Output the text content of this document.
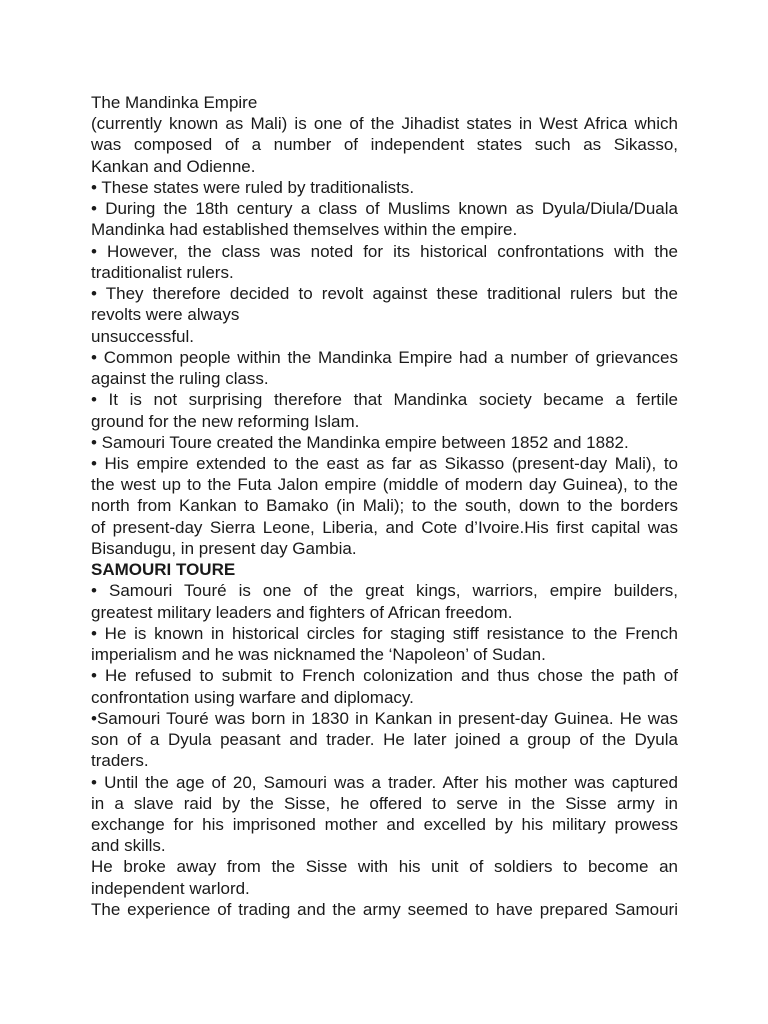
The Mandinka Empire

(currently known as Mali) is one of the Jihadist states in West Africa which
was composed of a number of independent states such as Sikasso,
Kankan and Odienne.

• These states were ruled by traditionalists.

• During the 18th century a class of Muslims known as Dyula/Diula/Duala
Mandinka had established themselves within the empire.

• However, the class was noted for its historical confrontations with the
traditionalist rulers.

• They therefore decided to revolt against these traditional rulers but the
revolts were always
unsuccessful.

• Common people within the Mandinka Empire had a number of grievances
against the ruling class.

• It is not surprising therefore that Mandinka society became a fertile
ground for the new reforming Islam.

• Samouri Toure created the Mandinka empire between 1852 and 1882.

• His empire extended to the east as far as Sikasso (present-day Mali), to
the west up to the Futa Jalon empire (middle of modern day Guinea), to the
north from Kankan to Bamako (in Mali); to the south, down to the borders
of present-day Sierra Leone, Liberia, and Cote d’Ivoire.His first capital was
Bisandugu, in present day Gambia.

SAMOURI TOURE

• Samouri Touré is one of the great kings, warriors, empire builders,
greatest military leaders and fighters of African freedom.

• He is known in historical circles for staging stiff resistance to the French
imperialism and he was nicknamed the ‘Napoleon’ of Sudan.

• He refused to submit to French colonization and thus chose the path of
confrontation using warfare and diplomacy.

•Samouri Touré was born in 1830 in Kankan in present-day Guinea. He was
son of a Dyula peasant and trader. He later joined a group of the Dyula
traders.

• Until the age of 20, Samouri was a trader. After his mother was captured
in a slave raid by the Sisse, he offered to serve in the Sisse army in
exchange for his imprisoned mother and excelled by his military prowess
and skills.

He broke away from the Sisse with his unit of soldiers to become an
independent warlord.

The experience of trading and the army seemed to have prepared Samouri
